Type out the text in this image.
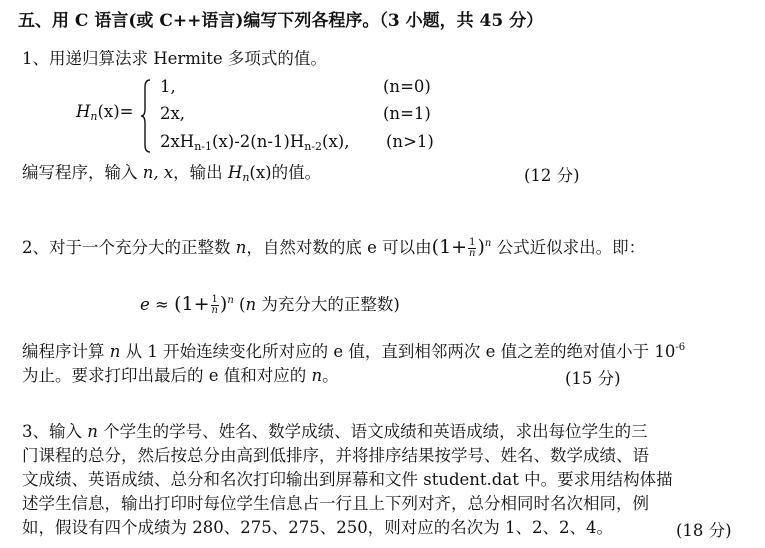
五、用 C 语言(或 C++语言)编写下列各程序。（3 小题，共 45 分）
1、用递归算法求 Hermite 多项式的值。
$H_n(x)=$
1,
2x,
$2xH_{n-1}(x)-2(n-1)H_{n-2}(x)$,
(n=0)
(n=1)
(n>1)
编写程序，输入 n, x，输出 $H_n(x)$的值。	(12 分)
2、对于一个充分大的正整数 n，自然对数的底 e 可以由$(1+ \frac{1}{n} )^n$ 公式近似求出。即：
$e \approx (1+ \frac{1}{n} )^n$ (n 为充分大的正整数)
编程序计算 n 从 1 开始连续变化所对应的 e 值，直到相邻两次 e 值之差的绝对值小于 $10^{-6}$
为止。要求打印出最后的 e 值和对应的 n。	(15 分)
3、输入 n 个学生的学号、姓名、数学成绩、语文成绩和英语成绩，求出每位学生的三
门课程的总分，然后按总分由高到低排序，并将排序结果按学号、姓名、数学成绩、语
文成绩、英语成绩、总分和名次打印输出到屏幕和文件 student.dat 中。要求用结构体描
述学生信息，输出打印时每位学生信息占一行且上下列对齐，总分相同时名次相同，例
如，假设有四个成绩为 280、275、275、250，则对应的名次为 1、2、2、4。	(18 分)
